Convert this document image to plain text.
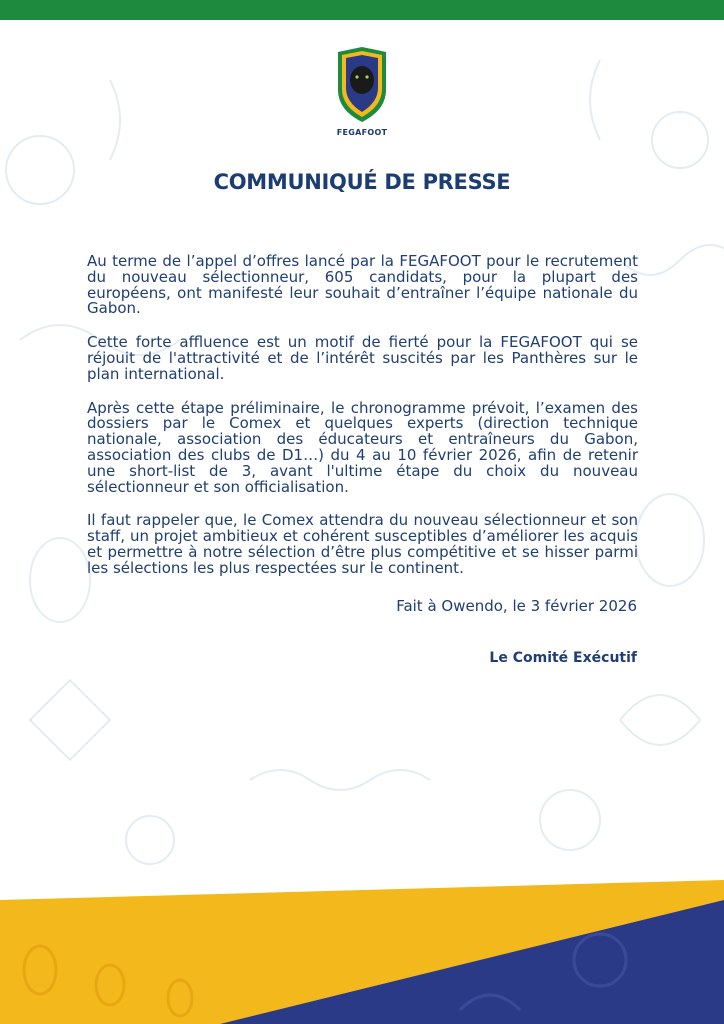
FEGAFOOT
COMMUNIQUÉ DE PRESSE

Au terme de l’appel d’offres lancé par la FEGAFOOT pour le recrutement du nouveau sélectionneur, 605 candidats, pour la plupart des européens, ont manifesté leur souhait d’entraîner l’équipe nationale du Gabon.

Cette forte affluence est un motif de fierté pour la FEGAFOOT qui se réjouit de l'attractivité et de l’intérêt suscités par les Panthères sur le plan international.

Après cette étape préliminaire, le chronogramme prévoit, l’examen des dossiers par le Comex et quelques experts (direction technique nationale, association des éducateurs et entraîneurs du Gabon, association des clubs de D1…) du 4 au 10 février 2026, afin de retenir une short-list de 3, avant l'ultime étape du choix du nouveau sélectionneur et son officialisation.

Il faut rappeler que, le Comex attendra du nouveau sélectionneur et son staff, un projet ambitieux et cohérent susceptibles d’améliorer les acquis et permettre à notre sélection d’être plus compétitive et se hisser parmi les sélections les plus respectées sur le continent.

Fait à Owendo, le 3 février 2026
Le Comité Exécutif
